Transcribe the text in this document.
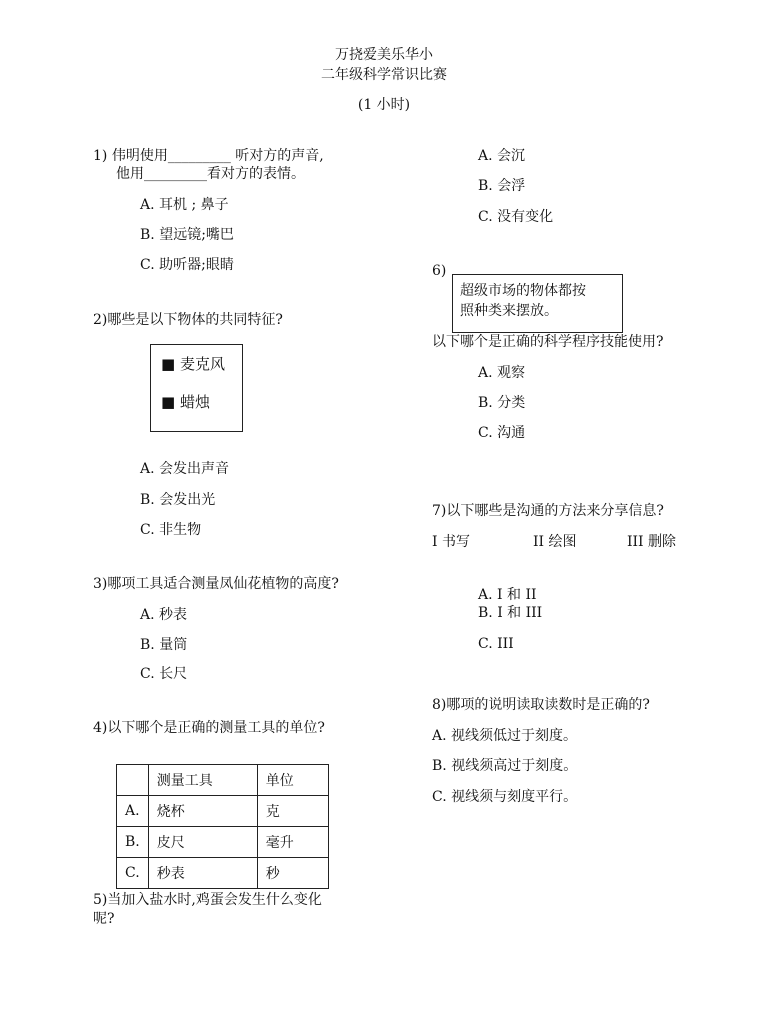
万挠爱美乐华小
二年级科学常识比赛
(1 小时)
1) 伟明使用_________ 听对方的声音,
他用_________看对方的表情。
A. 耳机 ; 鼻子
B. 望远镜;嘴巴
C. 助听器;眼睛
2)哪些是以下物体的共同特征?
■ 麦克风
■ 蜡烛
A. 会发出声音
B. 会发出光
C. 非生物
3)哪项工具适合测量凤仙花植物的高度?
A. 秒表
B. 量筒
C. 长尺
4)以下哪个是正确的测量工具的单位?
	测量工具	单位
A.	烧杯	克
B.	皮尺	毫升
C.	秒表	秒
5)当加入盐水时,鸡蛋会发生什么变化
呢?
A. 会沉
B. 会浮
C. 没有变化
6)
超级市场的物体都按
照种类来摆放。
以下哪个是正确的科学程序技能使用?
A. 观察
B. 分类
C. 沟通
7)以下哪些是沟通的方法来分享信息?
I 书写	II 绘图	III 删除
A. I 和 II
B. I 和 III
C. III
8)哪项的说明读取读数时是正确的?
A. 视线须低过于刻度。
B. 视线须高过于刻度。
C. 视线须与刻度平行。
